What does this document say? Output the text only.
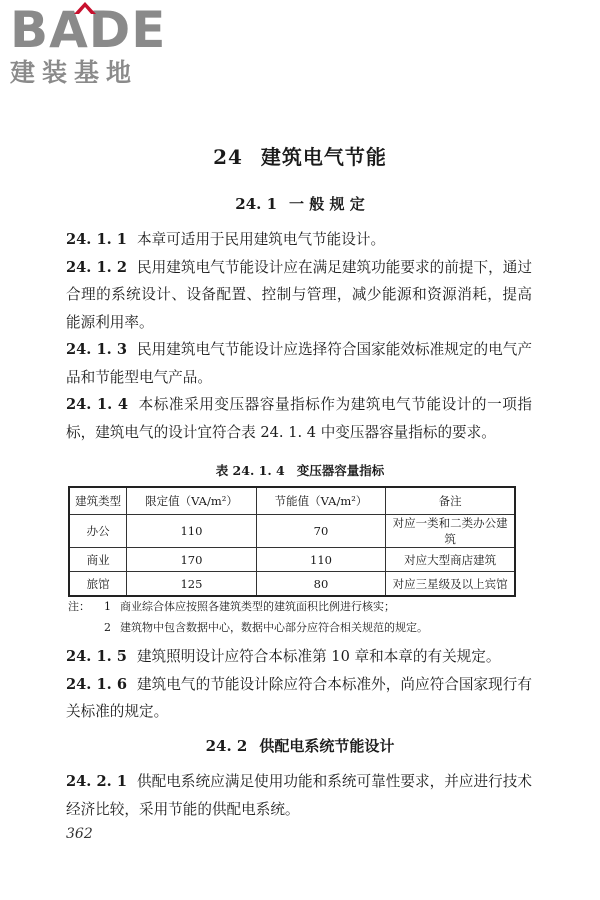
BADE
建装基地
24 建筑电气节能
24. 1 一 般 规 定

24. 1. 1 本章可适用于民用建筑电气节能设计。

24. 1. 2 民用建筑电气节能设计应在满足建筑功能要求的前提下，通过合理的系统设计、设备配置、控制与管理，减少能源和资源消耗，提高能源利用率。

24. 1. 3 民用建筑电气节能设计应选择符合国家能效标准规定的电气产品和节能型电气产品。

24. 1. 4 本标准采用变压器容量指标作为建筑电气节能设计的一项指标，建筑电气的设计宜符合表 24. 1. 4 中变压器容量指标的要求。

表 24. 1. 4 变压器容量指标
建筑类型	限定值（VA/m²）	节能值（VA/m²）	备注
办公	110	70	对应一类和二类办公建筑
商业	170	110	对应大型商店建筑
旅馆	125	80	对应三星级及以上宾馆
注： 1 商业综合体应按照各建筑类型的建筑面积比例进行核实；
2 建筑物中包含数据中心，数据中心部分应符合相关规范的规定。

24. 1. 5 建筑照明设计应符合本标准第 10 章和本章的有关规定。

24. 1. 6 建筑电气的节能设计除应符合本标准外，尚应符合国家现行有关标准的规定。

24. 2 供配电系统节能设计

24. 2. 1 供配电系统应满足使用功能和系统可靠性要求，并应进行技术经济比较，采用节能的供配电系统。

362
